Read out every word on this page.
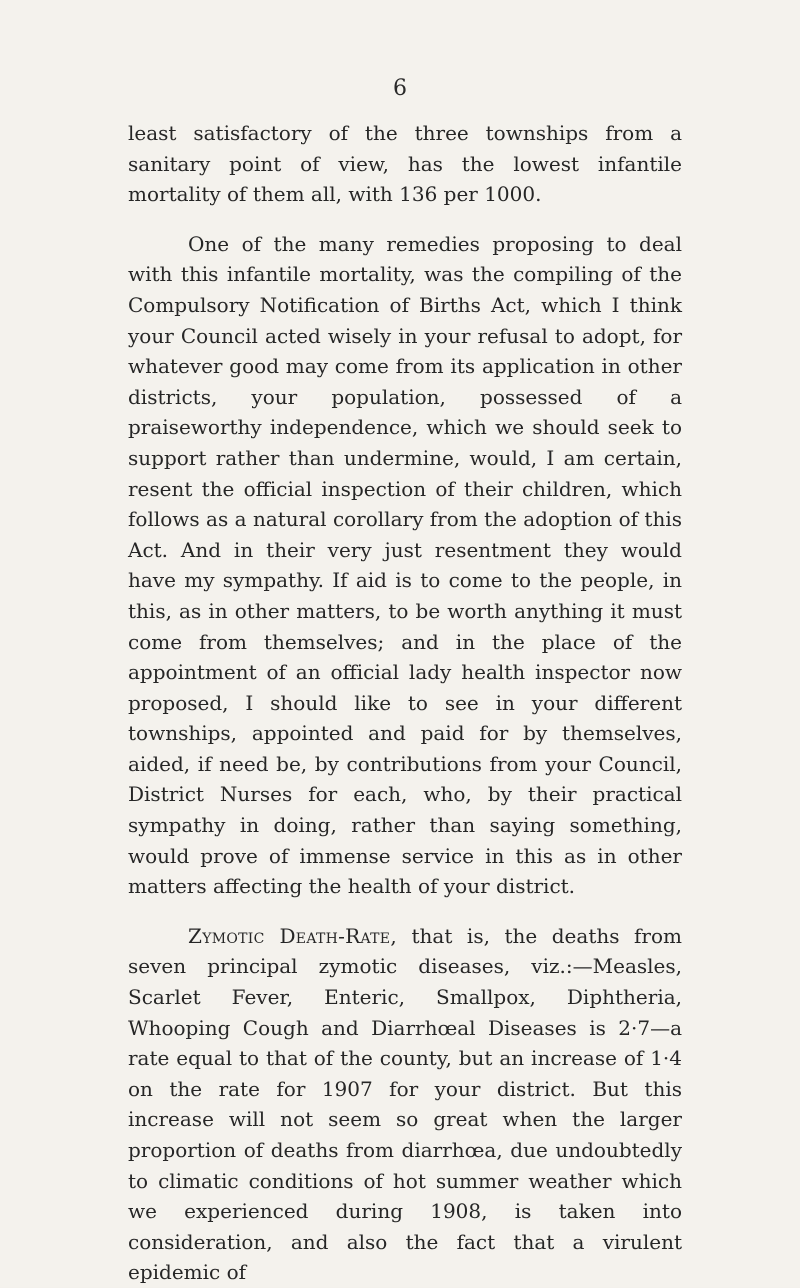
6

least satisfactory of the three townships from a sanitary point of view, has the lowest infantile mortality of them all, with 136 per 1000.

One of the many remedies proposing to deal with this infantile mortality, was the compiling of the Compulsory Notification of Births Act, which I think your Council acted wisely in your refusal to adopt, for whatever good may come from its application in other districts, your population, possessed of a praiseworthy independence, which we should seek to support rather than undermine, would, I am certain, resent the official inspection of their children, which follows as a natural corollary from the adoption of this Act. And in their very just resentment they would have my sympathy. If aid is to come to the people, in this, as in other matters, to be worth anything it must come from themselves; and in the place of the appointment of an official lady health inspector now proposed, I should like to see in your different townships, appointed and paid for by themselves, aided, if need be, by contributions from your Council, District Nurses for each, who, by their practical sympathy in doing, rather than saying something, would prove of immense service in this as in other matters affecting the health of your district.

Zymotic Death-Rate, that is, the deaths from seven principal zymotic diseases, viz.:—Measles, Scarlet Fever, Enteric, Smallpox, Diphtheria, Whooping Cough and Diarrhœal Diseases is 2·7—a rate equal to that of the county, but an increase of 1·4 on the rate for 1907 for your district. But this increase will not seem so great when the larger proportion of deaths from diarrhœa, due undoubtedly to climatic conditions of hot summer weather which we experienced during 1908, is taken into consideration, and also the fact that a virulent epidemic of
